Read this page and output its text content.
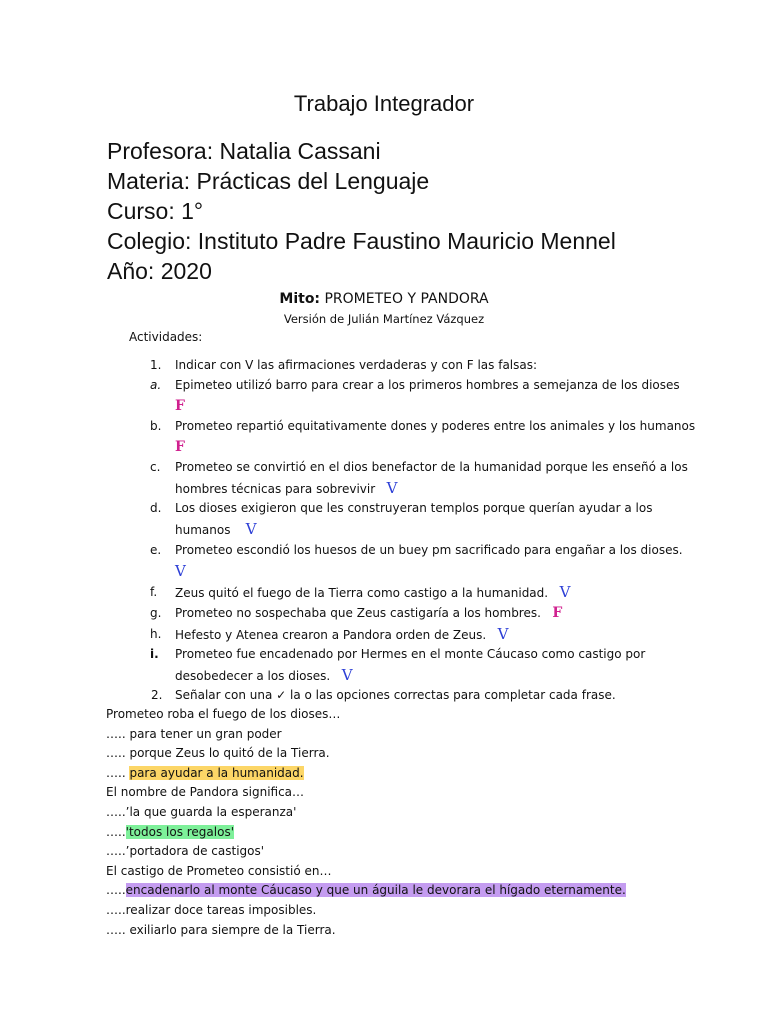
Trabajo Integrador
Profesora: Natalia Cassani
Materia: Prácticas del Lenguaje
Curso: 1°
Colegio: Instituto Padre Faustino Mauricio Mennel
Año: 2020
Mito: PROMETEO Y PANDORA
Versión de Julián Martínez Vázquez
Actividades:
1.	Indicar con V las afirmaciones verdaderas y con F las falsas:
a.	Epimeteo utilizó barro para crear a los primeros hombres a semejanza de los dioses
F
b.	Prometeo repartió equitativamente dones y poderes entre los animales y los humanos
F
c.	Prometeo se convirtió en el dios benefactor de la humanidad porque les enseñó a los
hombres técnicas para sobrevivir V
d.	Los dioses exigieron que les construyeran templos porque querían ayudar a los
humanos V
e.	Prometeo escondió los huesos de un buey pm sacrificado para engañar a los dioses.
V
f.	Zeus quitó el fuego de la Tierra como castigo a la humanidad. V
g.	Prometeo no sospechaba que Zeus castigaría a los hombres. F
h.	Hefesto y Atenea crearon a Pandora orden de Zeus. V
i.	Prometeo fue encadenado por Hermes en el monte Cáucaso como castigo por
desobedecer a los dioses. V
2.	Señalar con una ✓ la o las opciones correctas para completar cada frase.
Prometeo roba el fuego de los dioses…
….. para tener un gran poder
….. porque Zeus lo quitó de la Tierra.
….. para ayudar a la humanidad.
El nombre de Pandora significa…
…..’la que guarda la esperanza'
…..'todos los regalos'
…..’portadora de castigos'
El castigo de Prometeo consistió en…
…..encadenarlo al monte Cáucaso y que un águila le devorara el hígado eternamente.
…..realizar doce tareas imposibles.
….. exiliarlo para siempre de la Tierra.
